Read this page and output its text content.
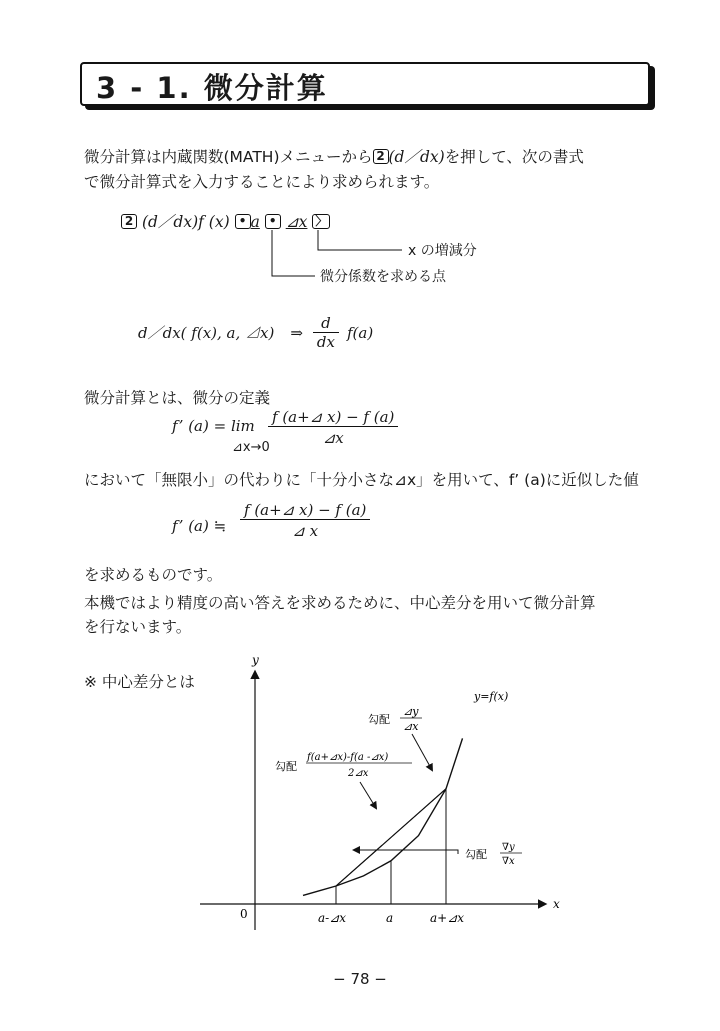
3 - 1. 微分計算
微分計算は内蔵関数(MATH)メニューから 2 (d／dx)を押して、次の書式
で微分計算式を入力することにより求められます。
2 (d／dx)f (x) • a • ⊿x 〉
x の増減分
微分係数を求める点
d／dx( f(x), a, ⊿x) ⇒ $\frac{d}{dx} f(a)$
微分計算とは、微分の定義
f’ (a) = lim
⊿x→0
$\frac{f (a+⊿ x) - f (a)}{⊿x}$
において「無限小」の代わりに「十分小さな⊿x」を用いて、f’ (a)に近似した値
f’ (a) ≒ $\frac{f (a+⊿ x) - f (a)}{⊿ x}$
を求めるものです。
本機ではより精度の高い答えを求めるために、中心差分を用いて微分計算
を行ないます。
※ 中心差分とは
x
y
0
y=f(x)
a-⊿x	a	a+⊿x
勾配
⊿y
⊿x
勾配
f(a+⊿x)-f(a -⊿x)
2⊿x
勾配
∇y
∇x
− 78 −
